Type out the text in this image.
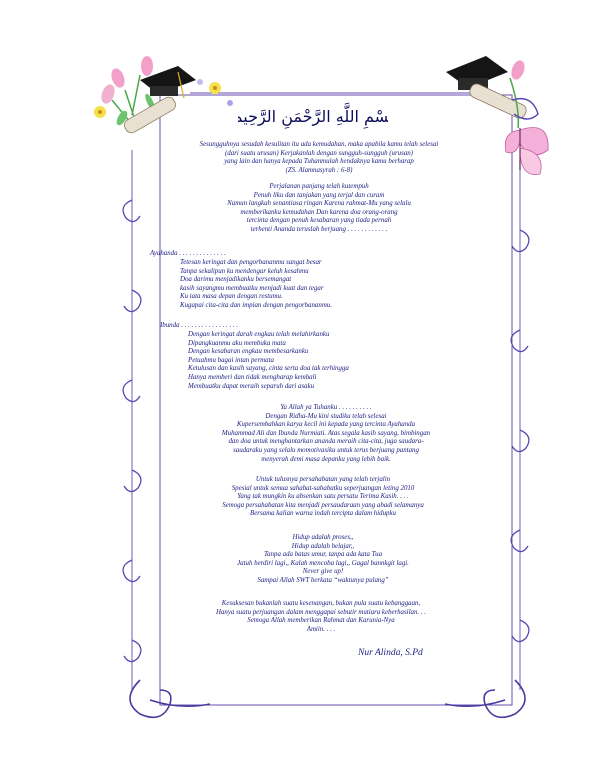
بِسْمِ اللَّهِ الرَّحْمَنِ الرَّحِيمِ
Sesungguhnya sesudah kesulitan itu ada kemudahan, maka apabila kamu telah selesai
(dari suatu urusan) Kerjakanlah dengan sungguh-sungguh (urusan)
yang lain dan hanya kepada Tuhanmulah hendaknya kamu berharap
(ZS. Alamnasyrah : 6-8)
Perjalanan panjang telah kutempuh
Penuh liku dan tanjakan yang terjal dan curam
Namun langkah senantiasa ringan Karena rahmat-Mu yang selalu
memberikanku kemudahan Dan karena doa orang-orang
tercinta dengan penuh kesabaran yang tiada pernah
terhenti Ananda teruslah berjuang . . . . . . . . . . . .
Ayahanda . . . . . . . . . . . . . .
Tetesan keringat dan pengorbananmu sangat besar
Tanpa sekalipun ku mendengar keluh kesahmu
Doa darimu menjadikanku bersemangat
kasih sayangmu membuatku menjadi kuat dan tegar
Ku tata masa depan dengan restumu.
Kugapai cita-cita dan impian dengan pengorbananmu.
Ibunda . . . . . . . . . . . . . . . . .
Dengan keringat darah engkau telah melahirkanku
Dipangkuanmu aku membuka mata
Dengan kesabaran engkau membesarkanku
Petuahmu bagai intan permata
Ketulusan dan kasih sayang, cinta serta doa tak terhingga
Hanya memberi dan tidak mengharap kembali
Membuatku dapat meraih separuh dari asaku
Ya Allah ya Tuhanku . . . . . . . . . .
Dengan Ridha-Mu kini studiku telah selesai
Kupersembahkan karya kecil ini kepada yang tercinta Ayahanda
Muhammad Ali dan Ibunda Nurmiati. Atas segala kasih sayang, bimbingan
dan doa untuk menghantarkan ananda meraih cita-cita, juga saudara-
saudaraku yang selalu momotivasiku untuk terus berjuang pantang
menyerah demi masa depanku yang lebih baik.
Untuk tulusnya persahabatan yang telah terjalin
Spesial untuk semua sahabat-sahabatku seperjuangan leting 2010
Yang tak mungkin ku absenkan satu persatu Terima Kasih. . . .
Semoga persahabatan kita menjadi persaudaraan yang abadi selamanya
Bersama kalian warna indah tercipta dalam hidupku
Hidup adalah proses,,
Hidup adalah belajar,,
Tanpa ada batas umur, tanpa ada kata Tua
Jatuh berdiri lagi,, Kalah mencoba lagi,, Gagal bannkgit lagi.
Never give up!
Sampai Allah SWT berkata “waktunya pulang”
Kesuksesan bukanlah suatu kesenangan, bukan pula suatu kebanggaan,
Hanya suatu perjuangan dalam menggapai sebutir mutiara keberhasilan. . .
Semoga Allah memberikan Rahmat dan Karunia-Nya
Amiin. . . .
Nur Alinda, S.Pd
